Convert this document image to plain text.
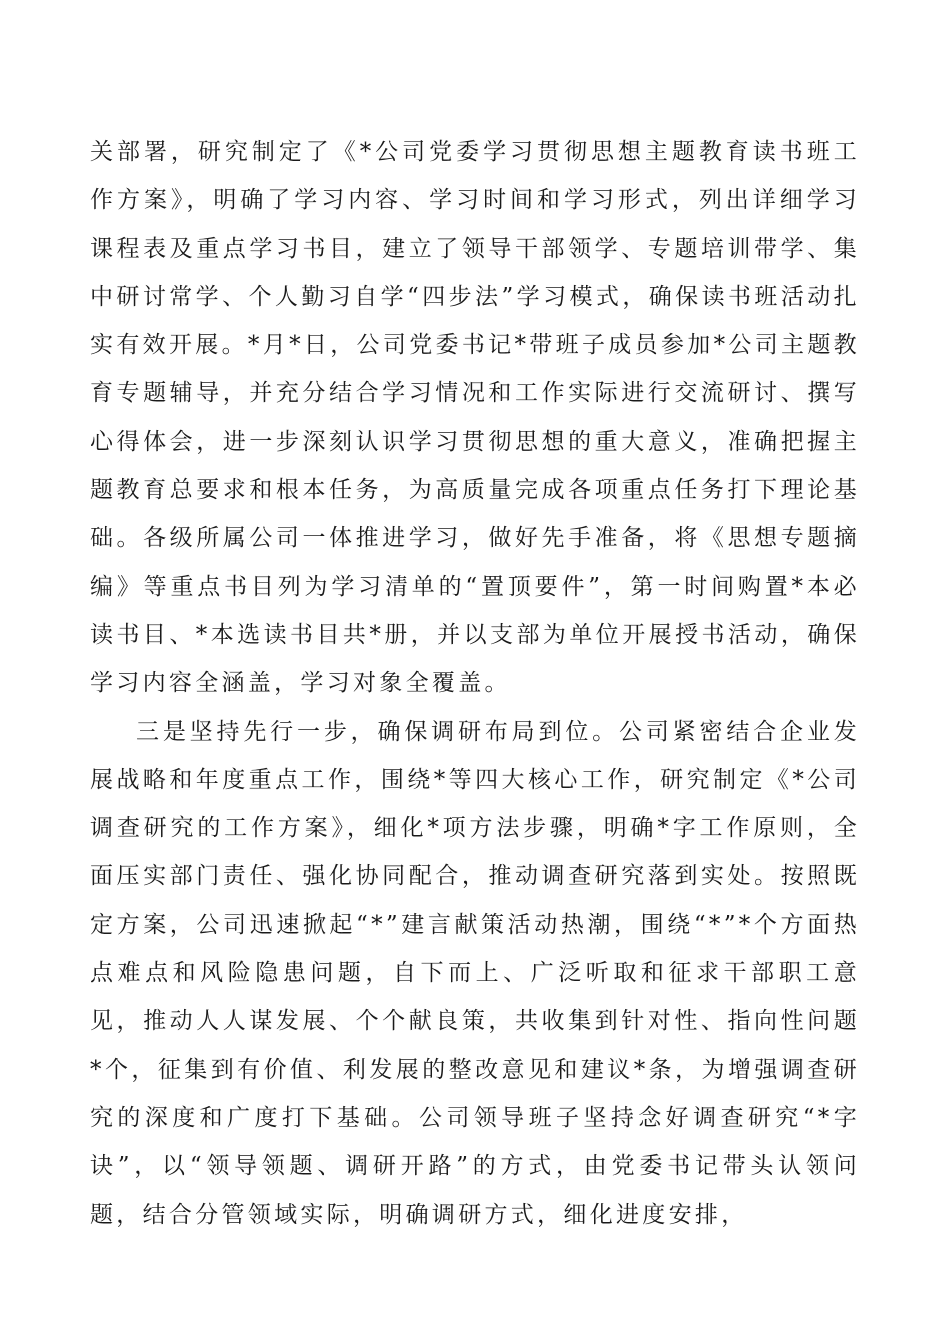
关部署，研究制定了《*公司党委学习贯彻思想主题教育读书班工作方案》，明确了学习内容、学习时间和学习形式，列出详细学习课程表及重点学习书目，建立了领导干部领学、专题培训带学、集中研讨常学、个人勤习自学“四步法”学习模式，确保读书班活动扎实有效开展。*月*日，公司党委书记*带班子成员参加*公司主题教育专题辅导，并充分结合学习情况和工作实际进行交流研讨、撰写心得体会，进一步深刻认识学习贯彻思想的重大意义，准确把握主题教育总要求和根本任务，为高质量完成各项重点任务打下理论基础。各级所属公司一体推进学习，做好先手准备，将《思想专题摘编》等重点书目列为学习清单的“置顶要件”，第一时间购置*本必读书目、*本选读书目共*册，并以支部为单位开展授书活动，确保学习内容全涵盖，学习对象全覆盖。

三是坚持先行一步，确保调研布局到位。公司紧密结合企业发展战略和年度重点工作，围绕*等四大核心工作，研究制定《*公司调查研究的工作方案》，细化*项方法步骤，明确*字工作原则，全面压实部门责任、强化协同配合，推动调查研究落到实处。按照既定方案，公司迅速掀起“*”建言献策活动热潮，围绕“*”*个方面热点难点和风险隐患问题，自下而上、广泛听取和征求干部职工意见，推动人人谋发展、个个献良策，共收集到针对性、指向性问题*个，征集到有价值、利发展的整改意见和建议*条，为增强调查研究的深度和广度打下基础。公司领导班子坚持念好调查研究“*字诀”，以“领导领题、调研开路”的方式，由党委书记带头认领问题，结合分管领域实际，明确调研方式，细化进度安排，
